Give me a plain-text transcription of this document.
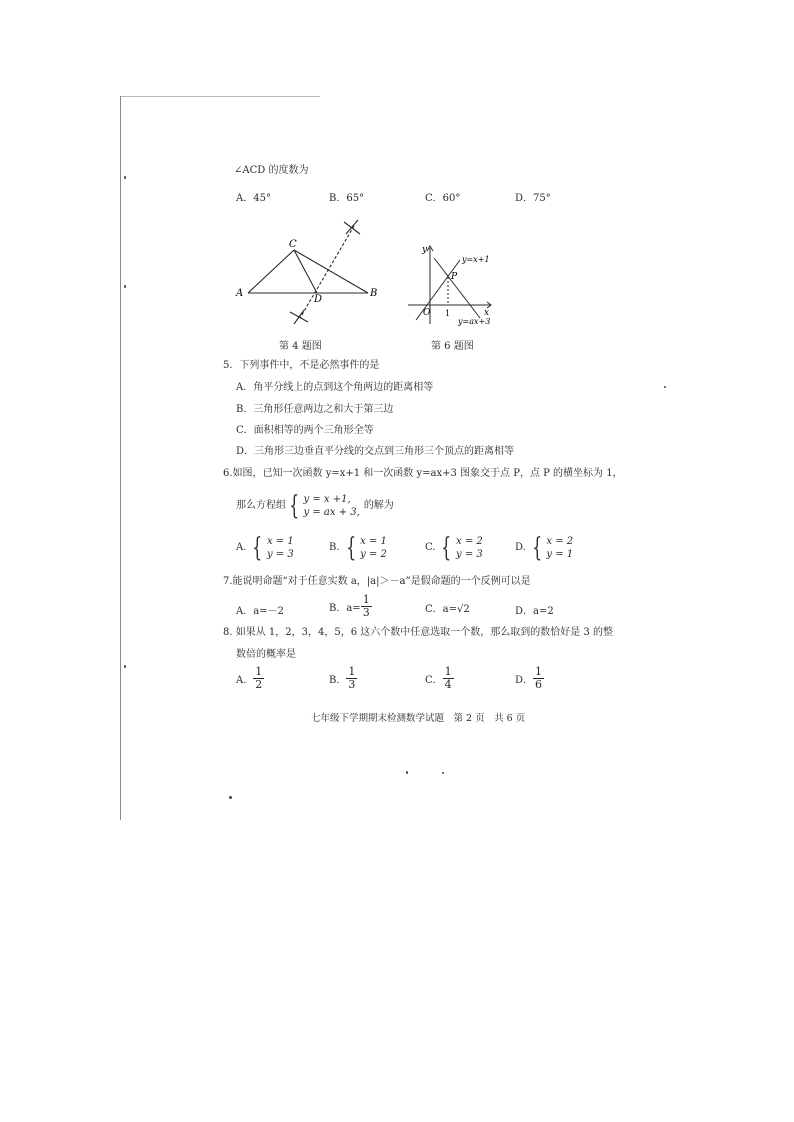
∠ACD 的度数为
A．45°	B．65°	C．60°	D．75°
A	B
C
D
第 4 题图
y
x
O
P
1
y=x+1
y=ax+3
第 6 题图
5．下列事件中，不是必然事件的是
A．角平分线上的点到这个角两边的距离相等
B．三角形任意两边之和大于第三边
C．面积相等的两个三角形全等
D．三角形三边垂直平分线的交点到三角形三个顶点的距离相等
6.如图，已知一次函数 y=x+1 和一次函数 y=ax+3 图象交于点 P，点 P 的横坐标为 1，
那么方程组 { y = x +1,
y = ax + 3,
的解为
A. { x = 1
y = 3
B. { x = 1
y = 2
C. { x = 2
y = 3
D. { x = 2
y = 1
7.能说明命题“对于任意实数 a，|a|＞－a”是假命题的一个反例可以是
A．a=－2	B．$a= \frac{1}{3}$	C．a=√2	D．a=2
8. 如果从 1，2，3，4，5，6 这六个数中任意选取一个数，那么取到的数恰好是 3 的整
数倍的概率是
A． $\frac{1}{2}$	B． $\frac{1}{3}$	C． $\frac{1}{4}$	D． $\frac{1}{6}$
七年级下学期期末检测数学试题　第 2 页　共 6 页
